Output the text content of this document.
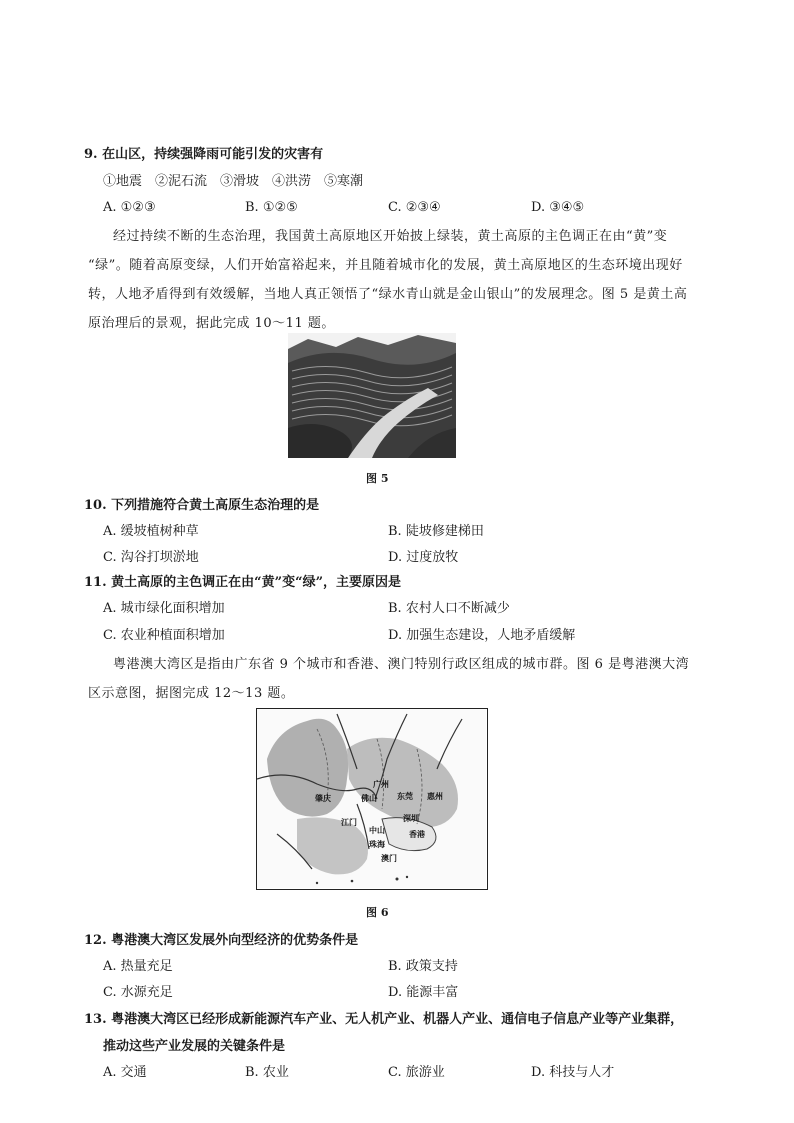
9. 在山区，持续强降雨可能引发的灾害有
①地震　②泥石流　③滑坡　④洪涝　⑤寒潮
A. ①②③	B. ①②⑤	C. ②③④	D. ③④⑤
经过持续不断的生态治理，我国黄土高原地区开始披上绿装，黄土高原的主色调正在由“黄”变
“绿”。随着高原变绿，人们开始富裕起来，并且随着城市化的发展，黄土高原地区的生态环境出现好
转，人地矛盾得到有效缓解，当地人真正领悟了“绿水青山就是金山银山”的发展理念。图 5 是黄土高
原治理后的景观，据此完成 10～11 题。
图 5
10. 下列措施符合黄土高原生态治理的是
A. 缓坡植树种草	B. 陡坡修建梯田
C. 沟谷打坝淤地	D. 过度放牧
11. 黄土高原的主色调正在由“黄”变“绿”，主要原因是
A. 城市绿化面积增加	B. 农村人口不断减少
C. 农业种植面积增加	D. 加强生态建设，人地矛盾缓解
粤港澳大湾区是指由广东省 9 个城市和香港、澳门特别行政区组成的城市群。图 6 是粤港澳大湾
区示意图，据图完成 12～13 题。
广州
肇庆	佛山	东莞 惠州
江门
中山
深圳
珠海
香港
澳门
图 6
12. 粤港澳大湾区发展外向型经济的优势条件是
A. 热量充足	B. 政策支持
C. 水源充足	D. 能源丰富
13. 粤港澳大湾区已经形成新能源汽车产业、无人机产业、机器人产业、通信电子信息产业等产业集群，
推动这些产业发展的关键条件是
A. 交通	B. 农业	C. 旅游业	D. 科技与人才
